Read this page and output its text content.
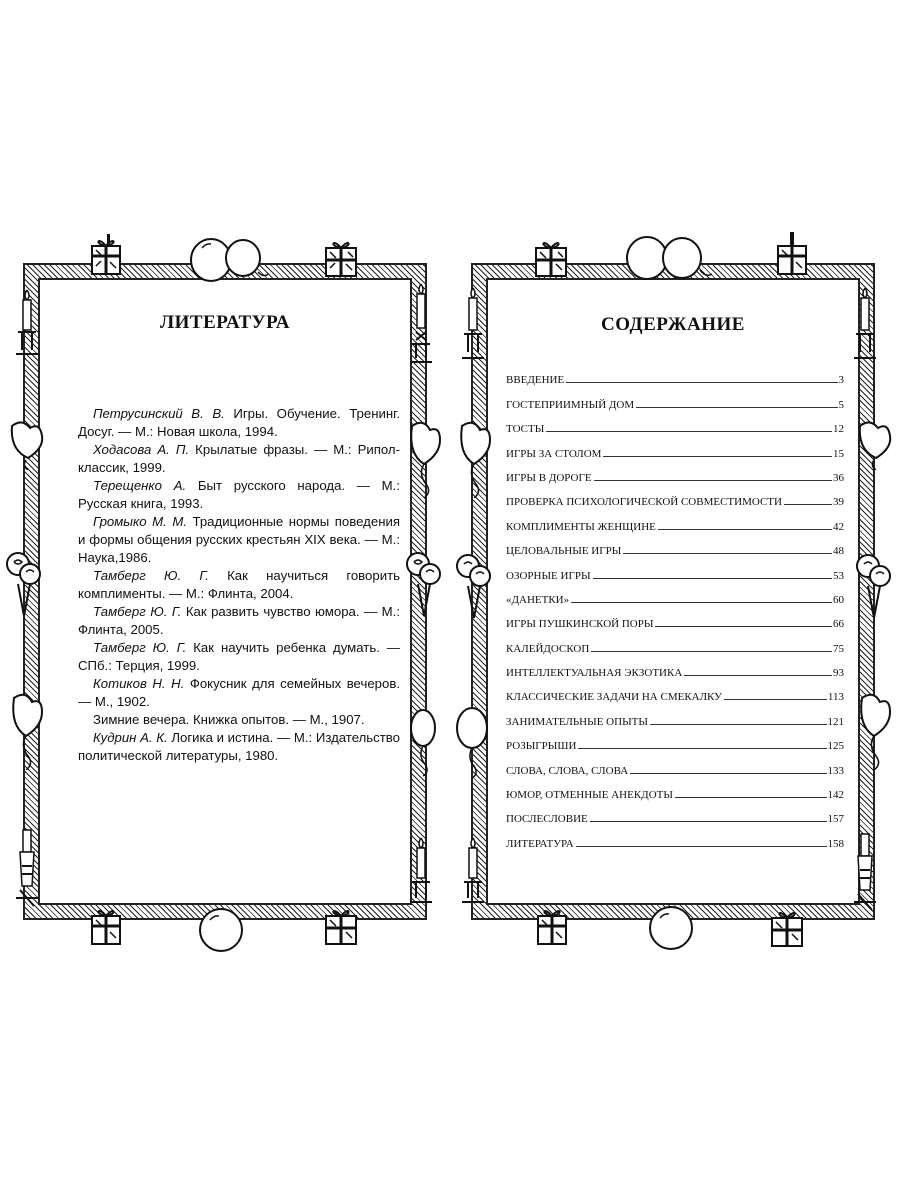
ЛИТЕРАТУРА
Петрусинский В. В. Игры. Обучение. Тренинг. Досуг. — М.: Новая школа, 1994.
Ходасова А. П. Крылатые фразы. — М.: Рипол-классик, 1999.
Терещенко А. Быт русского народа. — М.: Русская книга, 1993.
Громыко М. М. Традиционные нормы поведения и формы общения русских крестьян XIX века. — М.: Наука,1986.
Тамберг Ю. Г. Как научиться говорить комплименты. — М.: Флинта, 2004.
Тамберг Ю. Г. Как развить чувство юмора. — М.: Флинта, 2005.
Тамберг Ю. Г. Как научить ребенка думать. — СПб.: Терция, 1999.
Котиков Н. Н. Фокусник для семейных вечеров. — М., 1902.
Зимние вечера. Книжка опытов. — М., 1907.
Кудрин А. К. Логика и истина. — М.: Издательство политической литературы, 1980.
СОДЕРЖАНИЕ
ВВЕДЕНИЕ	3
ГОСТЕПРИИМНЫЙ ДОМ	5
ТОСТЫ	12
ИГРЫ ЗА СТОЛОМ	15
ИГРЫ В ДОРОГЕ	36
ПРОВЕРКА ПСИХОЛОГИЧЕСКОЙ СОВМЕСТИМОСТИ	39
КОМПЛИМЕНТЫ ЖЕНЩИНЕ	42
ЦЕЛОВАЛЬНЫЕ ИГРЫ	48
ОЗОРНЫЕ ИГРЫ	53
«ДАНЕТКИ»	60
ИГРЫ ПУШКИНСКОЙ ПОРЫ	66
КАЛЕЙДОСКОП	75
ИНТЕЛЛЕКТУАЛЬНАЯ ЭКЗОТИКА	93
КЛАССИЧЕСКИЕ ЗАДАЧИ НА СМЕКАЛКУ	113
ЗАНИМАТЕЛЬНЫЕ ОПЫТЫ	121
РОЗЫГРЫШИ	125
СЛОВА, СЛОВА, СЛОВА	133
ЮМОР, ОТМЕННЫЕ АНЕКДОТЫ	142
ПОСЛЕСЛОВИЕ	157
ЛИТЕРАТУРА	158
